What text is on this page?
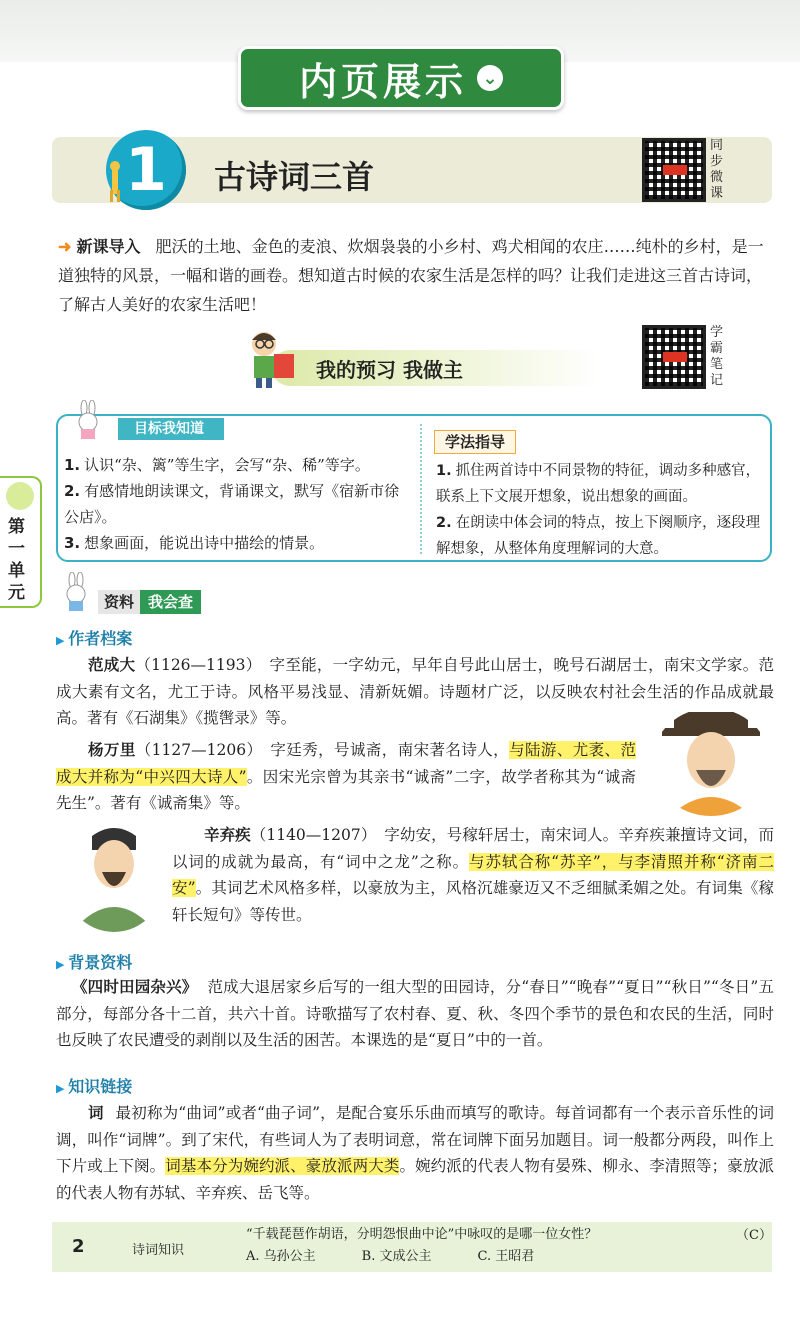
内页展示 ⌄
1	古诗词三首
同
步
微
课
➜ 新课导入 肥沃的土地、金色的麦浪、炊烟袅袅的小乡村、鸡犬相闻的农庄……纯朴的乡村，是一道独特的风景，一幅和谐的画卷。想知道古时候的农家生活是怎样的吗？让我们走进这三首古诗词，了解古人美好的农家生活吧！
我的预习 我做主
学
霸
笔
记
目标我知道
1. 认识“杂、篱”等生字，会写“杂、稀”等字。
2. 有感情地朗读课文，背诵课文，默写《宿新市徐公店》。
3. 想象画面，能说出诗中描绘的情景。
学法指导
1. 抓住两首诗中不同景物的特征，调动多种感官，联系上下文展开想象，说出想象的画面。
2. 在朗读中体会词的特点，按上下阕顺序，逐段理解想象，从整体角度理解词的大意。
第
一
单
元	资料 我会查
▶ 作者档案
范成大（1126—1193） 字至能，一字幼元，早年自号此山居士，晚号石湖居士，南宋文学家。范成大素有文名，尤工于诗。风格平易浅显、清新妩媚。诗题材广泛，以反映农村社会生活的作品成就最高。著有《石湖集》《揽辔录》等。
杨万里（1127—1206） 字廷秀，号诚斋，南宋著名诗人，与陆游、尤袤、范成大并称为“中兴四大诗人”。因宋光宗曾为其亲书“诚斋”二字，故学者称其为“诚斋先生”。著有《诚斋集》等。
辛弃疾（1140—1207） 字幼安，号稼轩居士，南宋词人。辛弃疾兼擅诗文词，而以词的成就为最高，有“词中之龙”之称。与苏轼合称“苏辛”，与李清照并称“济南二安”。其词艺术风格多样，以豪放为主，风格沉雄豪迈又不乏细腻柔媚之处。有词集《稼轩长短句》等传世。
▶ 背景资料
《四时田园杂兴》 范成大退居家乡后写的一组大型的田园诗，分“春日”“晚春”“夏日”“秋日”“冬日”五部分，每部分各十二首，共六十首。诗歌描写了农村春、夏、秋、冬四个季节的景色和农民的生活，同时也反映了农民遭受的剥削以及生活的困苦。本课选的是“夏日”中的一首。
▶ 知识链接
词 最初称为“曲词”或者“曲子词”，是配合宴乐乐曲而填写的歌诗。每首词都有一个表示音乐性的词调，叫作“词牌”。到了宋代，有些词人为了表明词意，常在词牌下面另加题目。词一般都分两段，叫作上下片或上下阕。词基本分为婉约派、豪放派两大类。婉约派的代表人物有晏殊、柳永、李清照等；豪放派的代表人物有苏轼、辛弃疾、岳飞等。
2	诗词知识
“千载琵琶作胡语，分明怨恨曲中论”中咏叹的是哪一位女性？
A. 乌孙公主	B. 文成公主	C. 王昭君
（C）
